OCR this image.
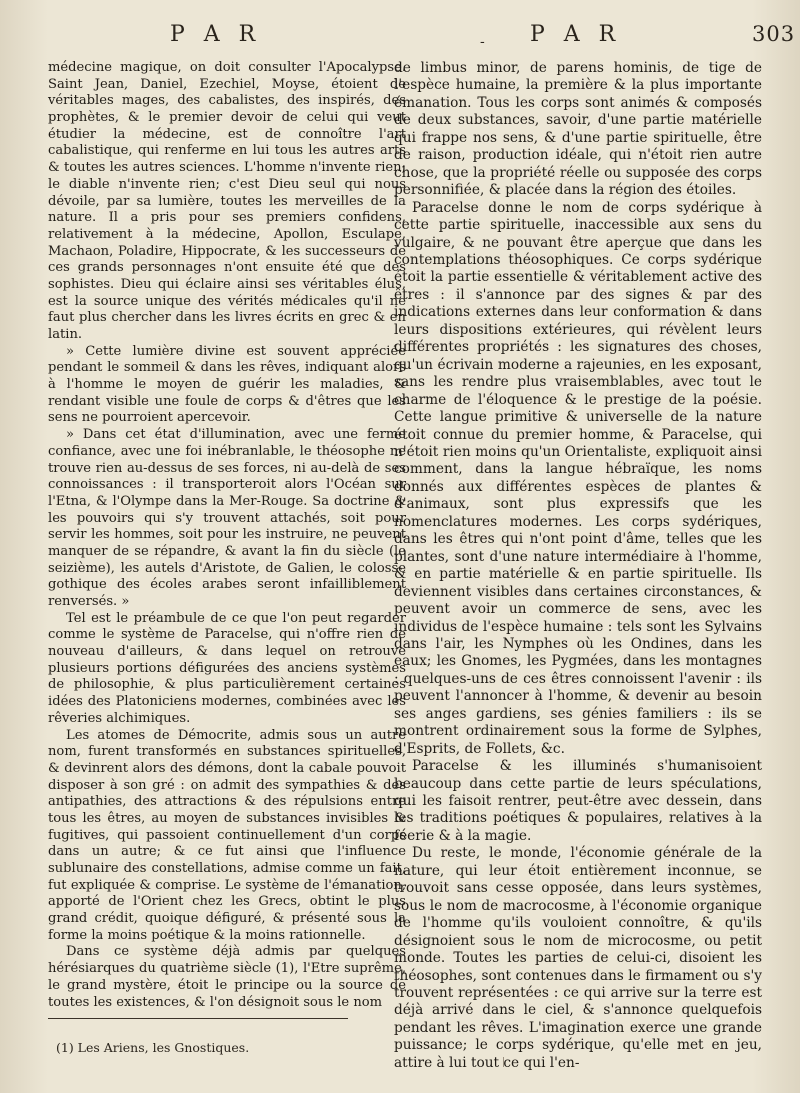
P A R	- P A R	303

médecine magique, on doit consulter l'Apocalypse. Saint Jean, Daniel, Ezechiel, Moyse, étoient de véritables mages, des cabalistes, des inspirés, des prophètes, & le premier devoir de celui qui veut étudier la médecine, est de connoître l'art cabalistique, qui renferme en lui tous les autres arts & toutes les autres sciences. L'homme n'invente rien; le diable n'invente rien; c'est Dieu seul qui nous dévoile, par sa lumière, toutes les merveilles de la nature. Il a pris pour ses premiers confidens, relativement à la médecine, Apollon, Esculape, Machaon, Poladire, Hippocrate, & les successeurs de ces grands personnages n'ont ensuite été que des sophistes. Dieu qui éclaire ainsi ses véritables élus, est la source unique des vérités médicales qu'il ne faut plus chercher dans les livres écrits en grec & en latin.

» Cette lumière divine est souvent appréciée pendant le sommeil & dans les rêves, indiquant alors à l'homme le moyen de guérir les maladies, & rendant visible une foule de corps & d'êtres que les sens ne pourroient apercevoir.

» Dans cet état d'illumination, avec une ferme confiance, avec une foi inébranlable, le théosophe ne trouve rien au-dessus de ses forces, ni au-delà de ses connoissances : il transporteroit alors l'Océan sur l'Etna, & l'Olympe dans la Mer-Rouge. Sa doctrine & les pouvoirs qui s'y trouvent attachés, soit pour servir les hommes, soit pour les instruire, ne peuvent manquer de se répandre, & avant la fin du siècle (le seizième), les autels d'Aristote, de Galien, le colosse gothique des écoles arabes seront infailliblement renversés. »

Tel est le préambule de ce que l'on peut regarder comme le système de Paracelse, qui n'offre rien de nouveau d'ailleurs, & dans lequel on retrouve plusieurs portions défigurées des anciens systèmes de philosophie, & plus particulièrement certaines idées des Platoniciens modernes, combinées avec les rêveries alchimiques.

Les atomes de Démocrite, admis sous un autre nom, furent transformés en substances spirituelles, & devinrent alors des démons, dont la cabale pouvoit disposer à son gré : on admit des sympathies & des antipathies, des attractions & des répulsions entre tous les êtres, au moyen de substances invisibles & fugitives, qui passoient continuellement d'un corps dans un autre; & ce fut ainsi que l'influence sublunaire des constellations, admise comme un fait, fut expliquée & comprise. Le système de l'émanation, apporté de l'Orient chez les Grecs, obtint le plus grand crédit, quoique défiguré, & présenté sous la forme la moins poétique & la moins rationnelle.

Dans ce système déjà admis par quelques hérésiarques du quatrième siècle (1), l'Etre suprême, le grand mystère, étoit le principe ou la source de toutes les existences, & l'on désignoit sous le nom

de limbus minor, de parens hominis, de tige de l'espèce humaine, la première & la plus importante émanation. Tous les corps sont animés & composés de deux substances, savoir, d'une partie matérielle qui frappe nos sens, & d'une partie spirituelle, être de raison, production idéale, qui n'étoit rien autre chose, que la propriété réelle ou supposée des corps personnifiée, & placée dans la région des étoiles.

Paracelse donne le nom de corps sydérique à cette partie spirituelle, inaccessible aux sens du vulgaire, & ne pouvant être aperçue que dans les contemplations théosophiques. Ce corps sydérique étoit la partie essentielle & véritablement active des êtres : il s'annonce par des signes & par des indications externes dans leur conformation & dans leurs dispositions extérieures, qui révèlent leurs différentes propriétés : les signatures des choses, qu'un écrivain moderne a rajeunies, en les exposant, sans les rendre plus vraisemblables, avec tout le charme de l'éloquence & le prestige de la poésie. Cette langue primitive & universelle de la nature étoit connue du premier homme, & Paracelse, qui n'étoit rien moins qu'un Orientaliste, expliquoit ainsi comment, dans la langue hébraïque, les noms donnés aux différentes espèces de plantes & d'animaux, sont plus expressifs que les nomenclatures modernes. Les corps sydériques, dans les êtres qui n'ont point d'âme, telles que les plantes, sont d'une nature intermédiaire à l'homme, & en partie matérielle & en partie spirituelle. Ils deviennent visibles dans certaines circonstances, & peuvent avoir un commerce de sens, avec les individus de l'espèce humaine : tels sont les Sylvains dans l'air, les Nymphes où les Ondines, dans les eaux; les Gnomes, les Pygmées, dans les montagnes : quelques-uns de ces êtres connoissent l'avenir : ils peuvent l'annoncer à l'homme, & devenir au besoin ses anges gardiens, ses génies familiers : ils se montrent ordinairement sous la forme de Sylphes, d'Esprits, de Follets, &c.

Paracelse & les illuminés s'humanisoient beaucoup dans cette partie de leurs spéculations, qui les faisoit rentrer, peut-être avec dessein, dans les traditions poétiques & populaires, relatives à la féerie & à la magie.

Du reste, le monde, l'économie générale de la nature, qui leur étoit entièrement inconnue, se trouvoit sans cesse opposée, dans leurs systèmes, sous le nom de macrocosme, à l'économie organique de l'homme qu'ils vouloient connoître, & qu'ils désignoient sous le nom de microcosme, ou petit monde. Toutes les parties de celui-ci, disoient les théosophes, sont contenues dans le firmament ou s'y trouvent représentées : ce qui arrive sur la terre est déjà arrivé dans le ciel, & s'annonce quelquefois pendant les rêves. L'imagination exerce une grande puissance; le corps sydérique, qu'elle met en jeu, attire à lui tout ce qui l'en-

(1) Les Ariens, les Gnostiques.
